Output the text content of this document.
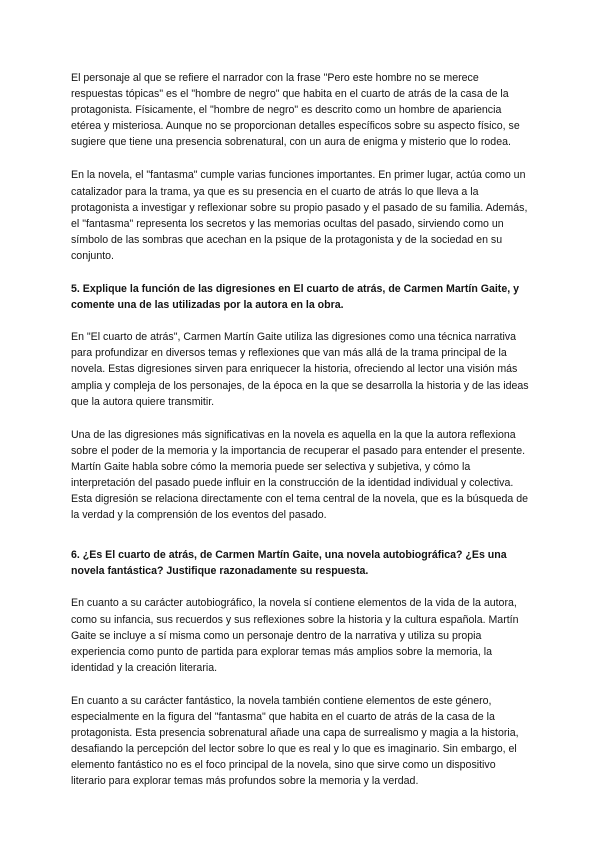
El personaje al que se refiere el narrador con la frase "Pero este hombre no se merece respuestas tópicas" es el "hombre de negro" que habita en el cuarto de atrás de la casa de la protagonista. Físicamente, el "hombre de negro" es descrito como un hombre de apariencia etérea y misteriosa. Aunque no se proporcionan detalles específicos sobre su aspecto físico, se sugiere que tiene una presencia sobrenatural, con un aura de enigma y misterio que lo rodea.

En la novela, el "fantasma" cumple varias funciones importantes. En primer lugar, actúa como un catalizador para la trama, ya que es su presencia en el cuarto de atrás lo que lleva a la protagonista a investigar y reflexionar sobre su propio pasado y el pasado de su familia. Además, el "fantasma" representa los secretos y las memorias ocultas del pasado, sirviendo como un símbolo de las sombras que acechan en la psique de la protagonista y de la sociedad en su conjunto.

5. Explique la función de las digresiones en El cuarto de atrás, de Carmen Martín Gaite, y comente una de las utilizadas por la autora en la obra.

En "El cuarto de atrás", Carmen Martín Gaite utiliza las digresiones como una técnica narrativa para profundizar en diversos temas y reflexiones que van más allá de la trama principal de la novela. Estas digresiones sirven para enriquecer la historia, ofreciendo al lector una visión más amplia y compleja de los personajes, de la época en la que se desarrolla la historia y de las ideas que la autora quiere transmitir.

Una de las digresiones más significativas en la novela es aquella en la que la autora reflexiona sobre el poder de la memoria y la importancia de recuperar el pasado para entender el presente. Martín Gaite habla sobre cómo la memoria puede ser selectiva y subjetiva, y cómo la interpretación del pasado puede influir en la construcción de la identidad individual y colectiva. Esta digresión se relaciona directamente con el tema central de la novela, que es la búsqueda de la verdad y la comprensión de los eventos del pasado.

6. ¿Es El cuarto de atrás, de Carmen Martín Gaite, una novela autobiográfica? ¿Es una novela fantástica? Justifique razonadamente su respuesta.

En cuanto a su carácter autobiográfico, la novela sí contiene elementos de la vida de la autora, como su infancia, sus recuerdos y sus reflexiones sobre la historia y la cultura española. Martín Gaite se incluye a sí misma como un personaje dentro de la narrativa y utiliza su propia experiencia como punto de partida para explorar temas más amplios sobre la memoria, la identidad y la creación literaria.

En cuanto a su carácter fantástico, la novela también contiene elementos de este género, especialmente en la figura del "fantasma" que habita en el cuarto de atrás de la casa de la protagonista. Esta presencia sobrenatural añade una capa de surrealismo y magia a la historia, desafiando la percepción del lector sobre lo que es real y lo que es imaginario. Sin embargo, el elemento fantástico no es el foco principal de la novela, sino que sirve como un dispositivo literario para explorar temas más profundos sobre la memoria y la verdad.
